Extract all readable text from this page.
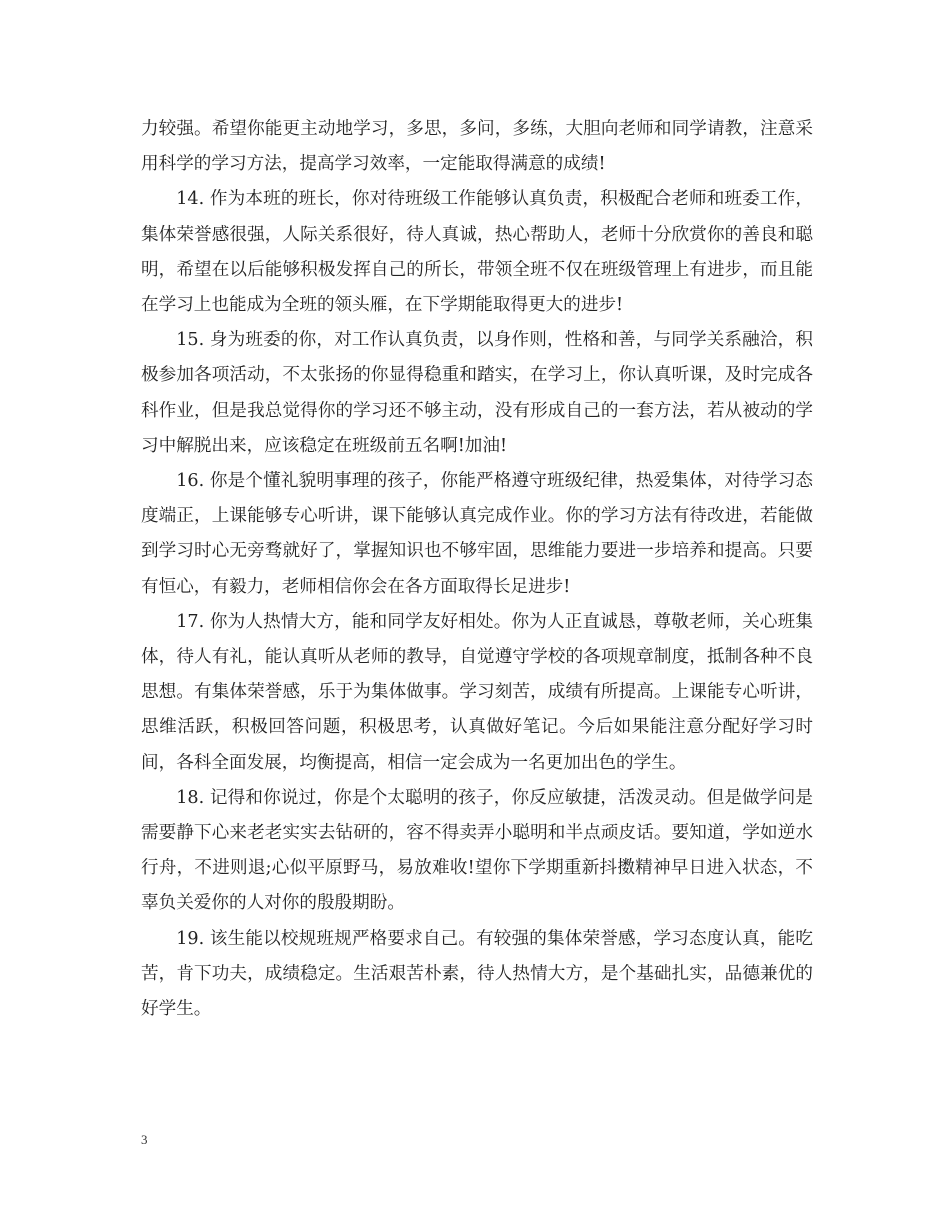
力较强。希望你能更主动地学习，多思，多问，多练，大胆向老师和同学请教，注意采用科学的学习方法，提高学习效率，一定能取得满意的成绩!

14. 作为本班的班长，你对待班级工作能够认真负责，积极配合老师和班委工作，集体荣誉感很强，人际关系很好，待人真诚，热心帮助人，老师十分欣赏你的善良和聪明，希望在以后能够积极发挥自己的所长，带领全班不仅在班级管理上有进步，而且能在学习上也能成为全班的领头雁，在下学期能取得更大的进步!

15. 身为班委的你，对工作认真负责，以身作则，性格和善，与同学关系融洽，积极参加各项活动，不太张扬的你显得稳重和踏实，在学习上，你认真听课，及时完成各科作业，但是我总觉得你的学习还不够主动，没有形成自己的一套方法，若从被动的学习中解脱出来，应该稳定在班级前五名啊!加油!

16. 你是个懂礼貌明事理的孩子，你能严格遵守班级纪律，热爱集体，对待学习态度端正，上课能够专心听讲，课下能够认真完成作业。你的学习方法有待改进，若能做到学习时心无旁骛就好了，掌握知识也不够牢固，思维能力要进一步培养和提高。只要有恒心，有毅力，老师相信你会在各方面取得长足进步!

17. 你为人热情大方，能和同学友好相处。你为人正直诚恳，尊敬老师，关心班集体，待人有礼，能认真听从老师的教导，自觉遵守学校的各项规章制度，抵制各种不良思想。有集体荣誉感，乐于为集体做事。学习刻苦，成绩有所提高。上课能专心听讲，思维活跃，积极回答问题，积极思考，认真做好笔记。今后如果能注意分配好学习时间，各科全面发展，均衡提高，相信一定会成为一名更加出色的学生。

18. 记得和你说过，你是个太聪明的孩子，你反应敏捷，活泼灵动。但是做学问是需要静下心来老老实实去钻研的，容不得卖弄小聪明和半点顽皮话。要知道，学如逆水行舟，不进则退;心似平原野马，易放难收!望你下学期重新抖擞精神早日进入状态，不辜负关爱你的人对你的殷殷期盼。

19. 该生能以校规班规严格要求自己。有较强的集体荣誉感，学习态度认真，能吃苦，肯下功夫，成绩稳定。生活艰苦朴素，待人热情大方，是个基础扎实，品德兼优的好学生。

3
